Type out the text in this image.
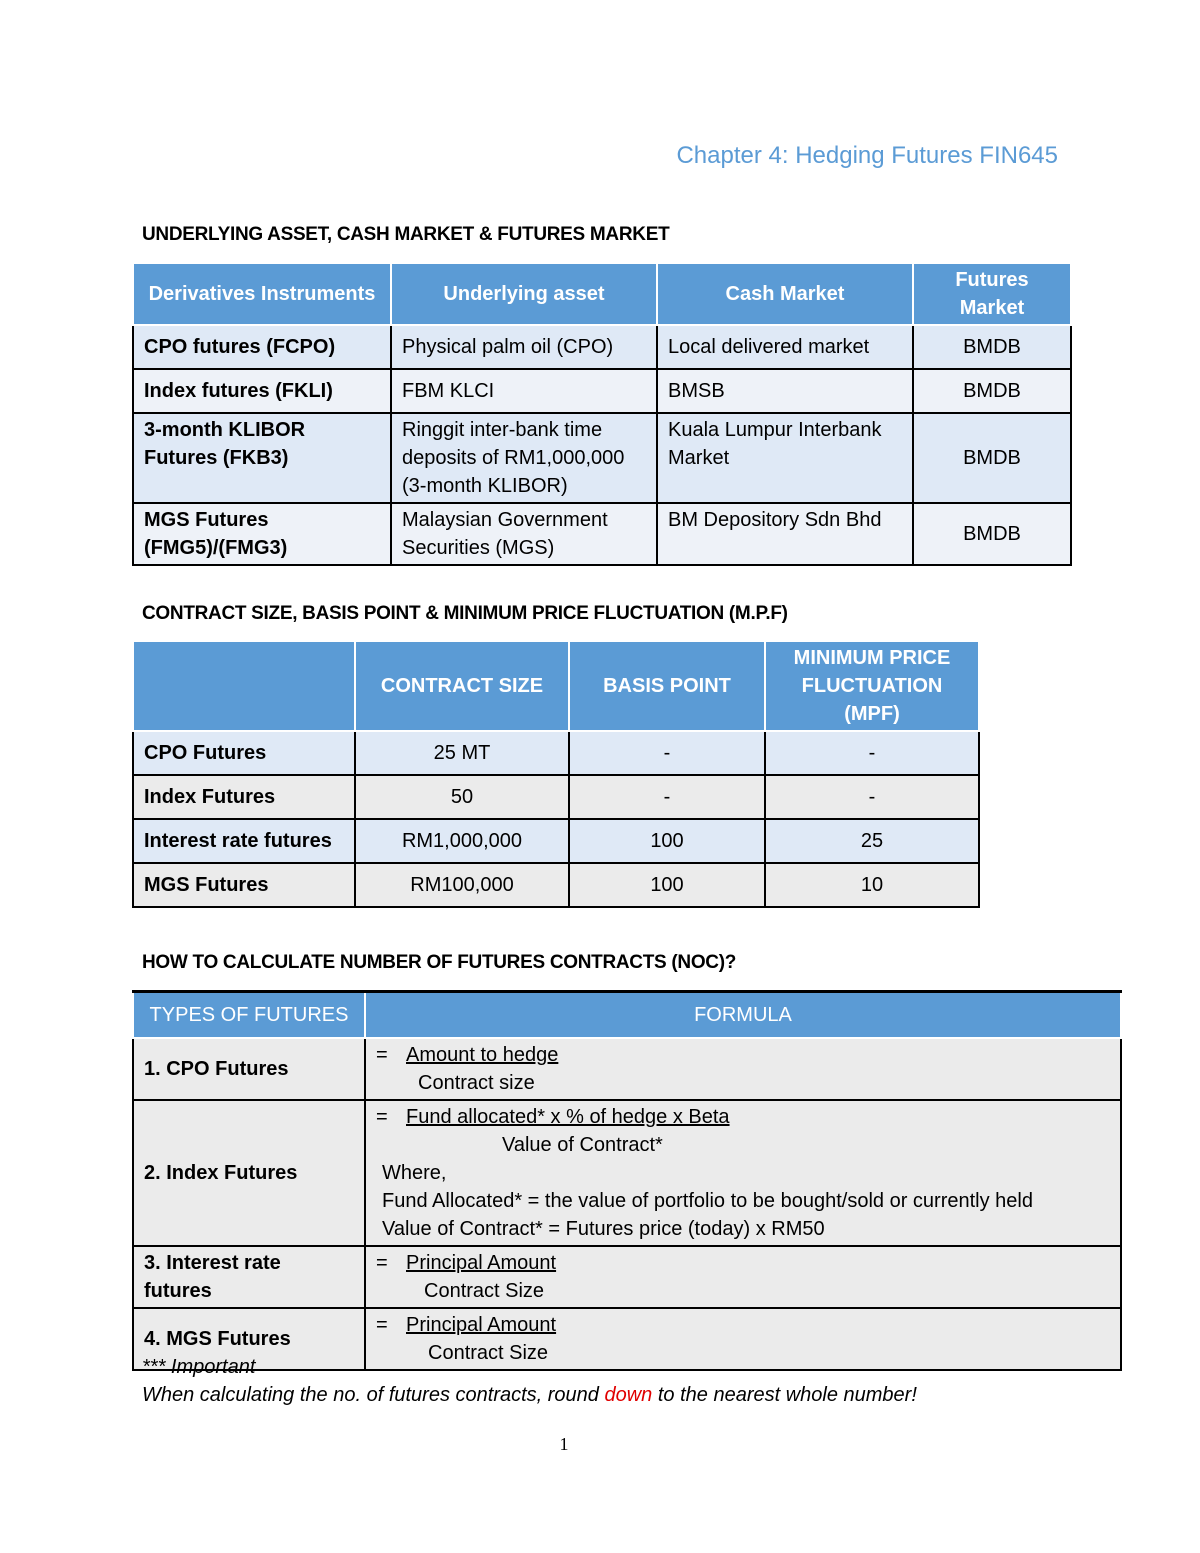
Chapter 4: Hedging Futures FIN645
UNDERLYING ASSET, CASH MARKET & FUTURES MARKET
Derivatives Instruments	Underlying asset	Cash Market	Futures Market
CPO futures (FCPO)	Physical palm oil (CPO)	Local delivered market	BMDB
Index futures (FKLI)	FBM KLCI	BMSB	BMDB
3-month KLIBOR Futures (FKB3)	Ringgit inter-bank time deposits of RM1,000,000 (3-month KLIBOR)	Kuala Lumpur Interbank Market	BMDB
MGS Futures (FMG5)/(FMG3)	Malaysian Government Securities (MGS)	BM Depository Sdn Bhd	BMDB
CONTRACT SIZE, BASIS POINT & MINIMUM PRICE FLUCTUATION (M.P.F)
	CONTRACT SIZE	BASIS POINT	MINIMUM PRICE FLUCTUATION (MPF)
CPO Futures	25 MT	-	-
Index Futures	50	-	-
Interest rate futures	RM1,000,000	100	25
MGS Futures	RM100,000	100	10
HOW TO CALCULATE NUMBER OF FUTURES CONTRACTS (NOC)?
TYPES OF FUTURES	FORMULA
1. CPO Futures	= Amount to hedge
Contract size

2. Index Futures	= Fund allocated* x % of hedge x Beta
Value of Contract*
Where,
Fund Allocated* = the value of portfolio to be bought/sold or currently held
Value of Contract* = Futures price (today) x RM50

3. Interest rate futures	= Principal Amount
Contract Size

4. MGS Futures	= Principal Amount
Contract Size
*** Important
When calculating the no. of futures contracts, round down to the nearest whole number!
1
